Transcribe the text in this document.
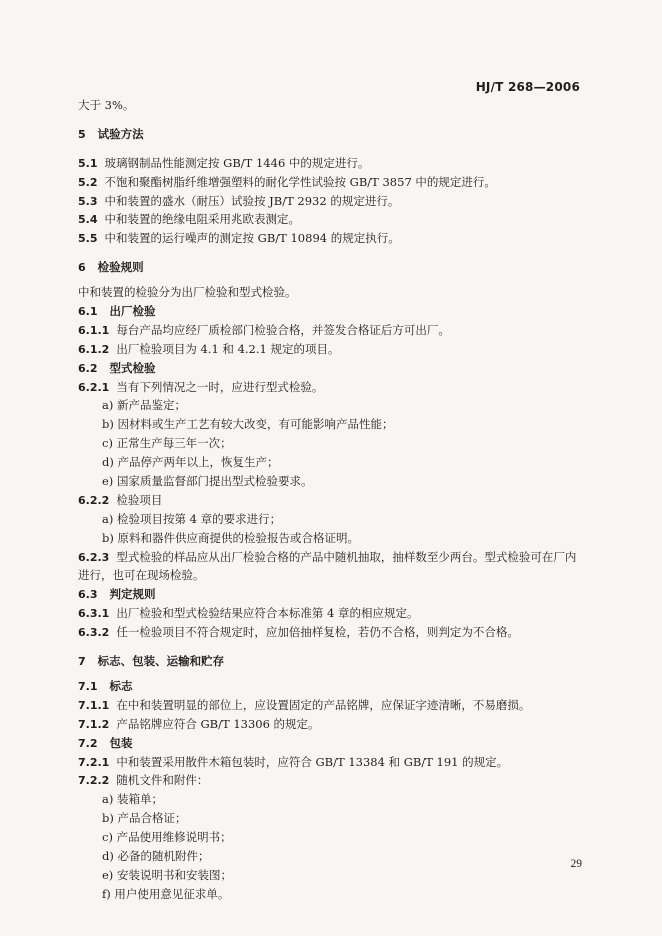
HJ/T 268—2006
大于 3%。
5 试验方法
5.1 玻璃钢制品性能测定按 GB/T 1446 中的规定进行。
5.2 不饱和聚酯树脂纤维增强塑料的耐化学性试验按 GB/T 3857 中的规定进行。
5.3 中和装置的盛水（耐压）试验按 JB/T 2932 的规定进行。
5.4 中和装置的绝缘电阻采用兆欧表测定。
5.5 中和装置的运行噪声的测定按 GB/T 10894 的规定执行。
6 检验规则
中和装置的检验分为出厂检验和型式检验。
6.1 出厂检验
6.1.1 每台产品均应经厂质检部门检验合格，并签发合格证后方可出厂。
6.1.2 出厂检验项目为 4.1 和 4.2.1 规定的项目。
6.2 型式检验
6.2.1 当有下列情况之一时，应进行型式检验。
a) 新产品鉴定；
b) 因材料或生产工艺有较大改变，有可能影响产品性能；
c) 正常生产每三年一次；
d) 产品停产两年以上，恢复生产；
e) 国家质量监督部门提出型式检验要求。
6.2.2 检验项目
a) 检验项目按第 4 章的要求进行；
b) 原料和器件供应商提供的检验报告或合格证明。
6.2.3 型式检验的样品应从出厂检验合格的产品中随机抽取，抽样数至少两台。型式检验可在厂内
进行，也可在现场检验。
6.3 判定规则
6.3.1 出厂检验和型式检验结果应符合本标准第 4 章的相应规定。
6.3.2 任一检验项目不符合规定时，应加倍抽样复检，若仍不合格，则判定为不合格。
7 标志、包装、运输和贮存
7.1 标志
7.1.1 在中和装置明显的部位上，应设置固定的产品铭牌，应保证字迹清晰，不易磨损。
7.1.2 产品铭牌应符合 GB/T 13306 的规定。
7.2 包装
7.2.1 中和装置采用散件木箱包装时，应符合 GB/T 13384 和 GB/T 191 的规定。
7.2.2 随机文件和附件：
a) 装箱单；
b) 产品合格证；
c) 产品使用维修说明书；
d) 必备的随机附件；
e) 安装说明书和安装图；
f) 用户使用意见征求单。
29
